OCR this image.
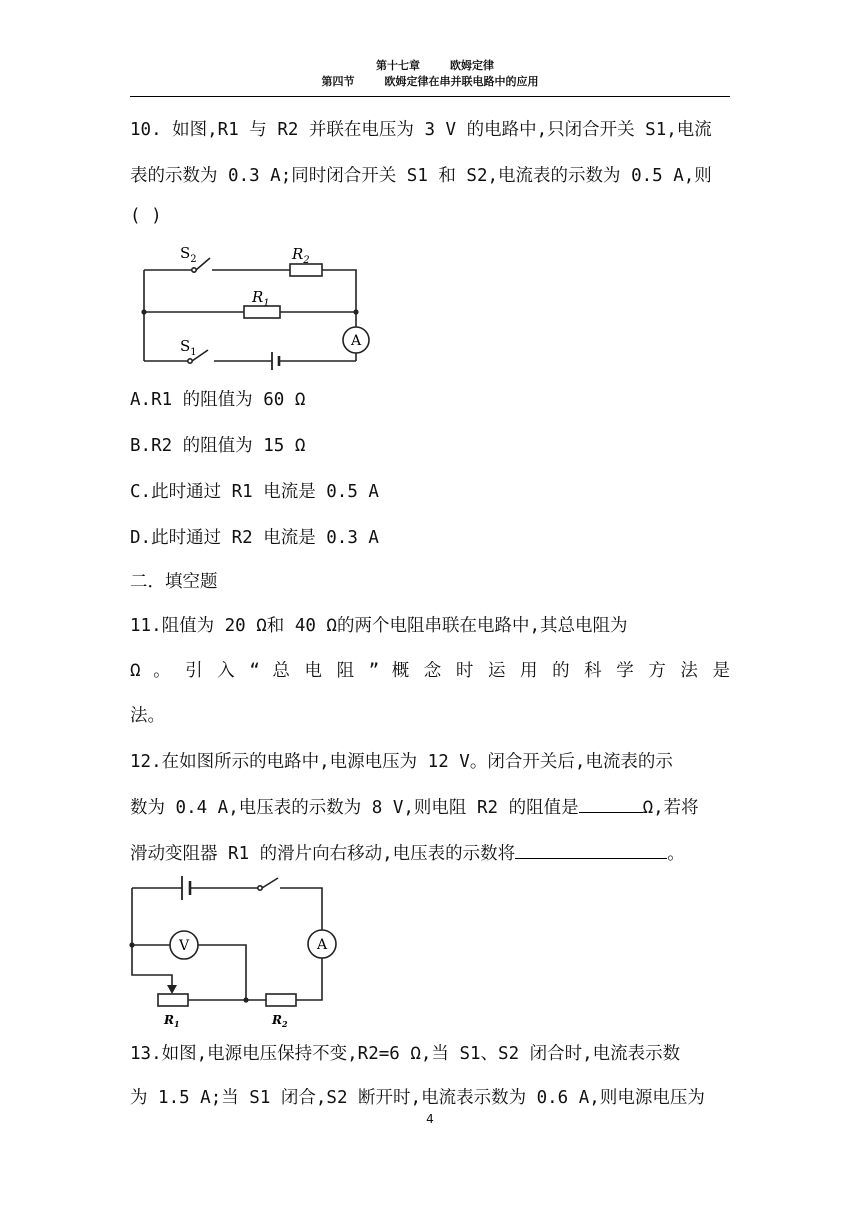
第十七章	欧姆定律
第四节	欧姆定律在串并联电路中的应用
10. 如图,R1 与 R2 并联在电压为 3 V 的电路中,只闭合开关 S1,电流
表的示数为 0.3 A;同时闭合开关 S1 和 S2,电流表的示数为 0.5 A,则
( )
$S_2$	$R_2$
$R_1$
$S_1$
A
A.R1 的阻值为 60 Ω
B.R2 的阻值为 15 Ω
C.此时通过 R1 电流是 0.5 A
D.此时通过 R2 电流是 0.3 A
二．填空题
11.阻值为 20 Ω和 40 Ω的两个电阻串联在电路中,其总电阻为
Ω 。 引 入 “ 总 电 阻 ” 概 念 时 运 用 的 科 学 方 法 是
法。
12.在如图所示的电路中,电源电压为 12 V。闭合开关后,电流表的示
数为 0.4 A,电压表的示数为 8 V,则电阻 R2 的阻值是	Ω,若将
滑动变阻器 R1 的滑片向右移动,电压表的示数将	。
V	A
$R_1$	$R_2$
13.如图,电源电压保持不变,R2=6 Ω,当 S1、S2 闭合时,电流表示数
为 1.5 A;当 S1 闭合,S2 断开时,电流表示数为 0.6 A,则电源电压为
4
